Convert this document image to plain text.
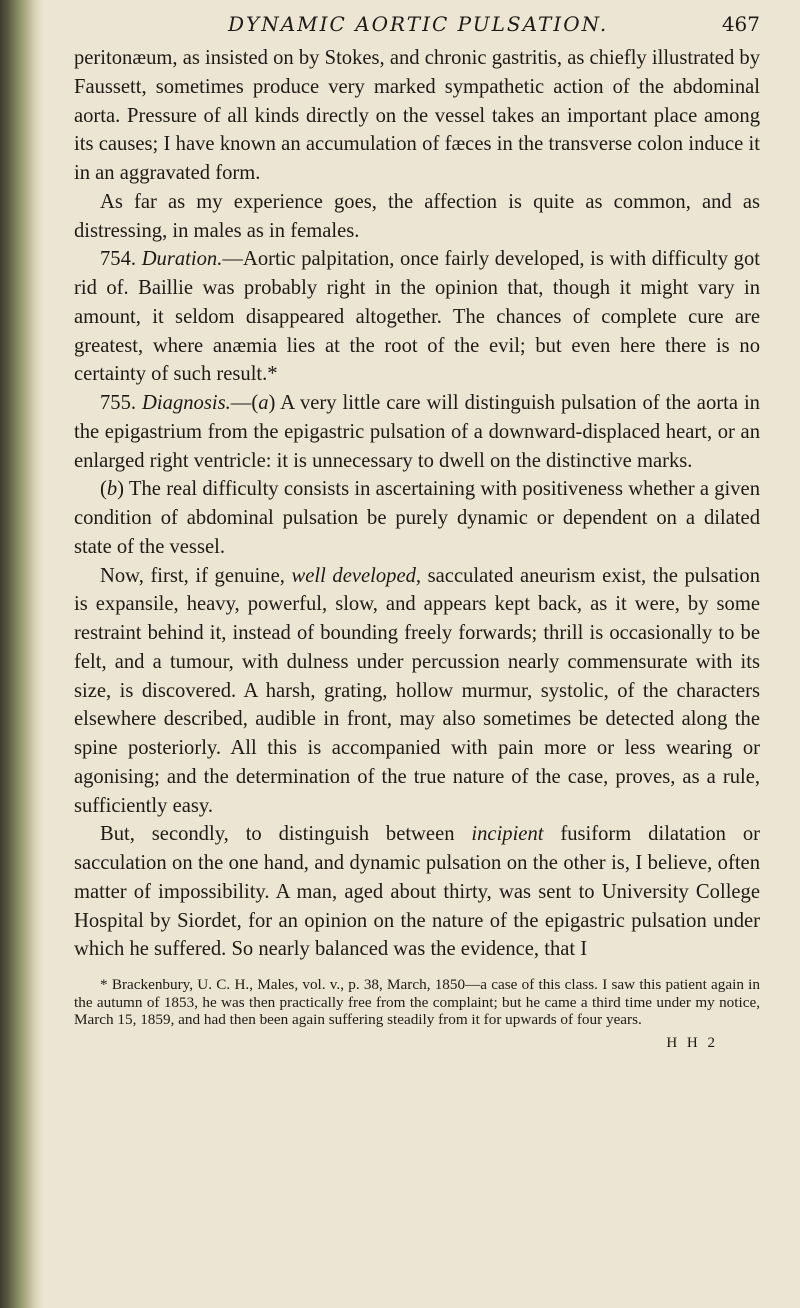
DYNAMIC AORTIC PULSATION.	467

peritonæum, as insisted on by Stokes, and chronic gastritis, as chiefly illustrated by Faussett, sometimes produce very marked sympathetic action of the abdominal aorta. Pressure of all kinds directly on the vessel takes an important place among its causes; I have known an accumulation of fæces in the transverse colon induce it in an aggravated form.

As far as my experience goes, the affection is quite as common, and as distressing, in males as in females.

754. Duration.—Aortic palpitation, once fairly developed, is with difficulty got rid of. Baillie was probably right in the opinion that, though it might vary in amount, it seldom disappeared altogether. The chances of complete cure are greatest, where anæmia lies at the root of the evil; but even here there is no certainty of such result.*

755. Diagnosis.—(a) A very little care will distinguish pulsation of the aorta in the epigastrium from the epigastric pulsation of a downward-displaced heart, or an enlarged right ventricle: it is unnecessary to dwell on the distinctive marks.

(b) The real difficulty consists in ascertaining with positiveness whether a given condition of abdominal pulsation be purely dynamic or dependent on a dilated state of the vessel.

Now, first, if genuine, well developed, sacculated aneurism exist, the pulsation is expansile, heavy, powerful, slow, and appears kept back, as it were, by some restraint behind it, instead of bounding freely forwards; thrill is occasionally to be felt, and a tumour, with dulness under percussion nearly commensurate with its size, is discovered. A harsh, grating, hollow murmur, systolic, of the characters elsewhere described, audible in front, may also sometimes be detected along the spine posteriorly. All this is accompanied with pain more or less wearing or agonising; and the determination of the true nature of the case, proves, as a rule, sufficiently easy.

But, secondly, to distinguish between incipient fusiform dilatation or sacculation on the one hand, and dynamic pulsation on the other is, I believe, often matter of impossibility. A man, aged about thirty, was sent to University College Hospital by Siordet, for an opinion on the nature of the epigastric pulsation under which he suffered. So nearly balanced was the evidence, that I

* Brackenbury, U. C. H., Males, vol. v., p. 38, March, 1850—a case of this class. I saw this patient again in the autumn of 1853, he was then practically free from the complaint; but he came a third time under my notice, March 15, 1859, and had then been again suffering steadily from it for upwards of four years.
H H 2
